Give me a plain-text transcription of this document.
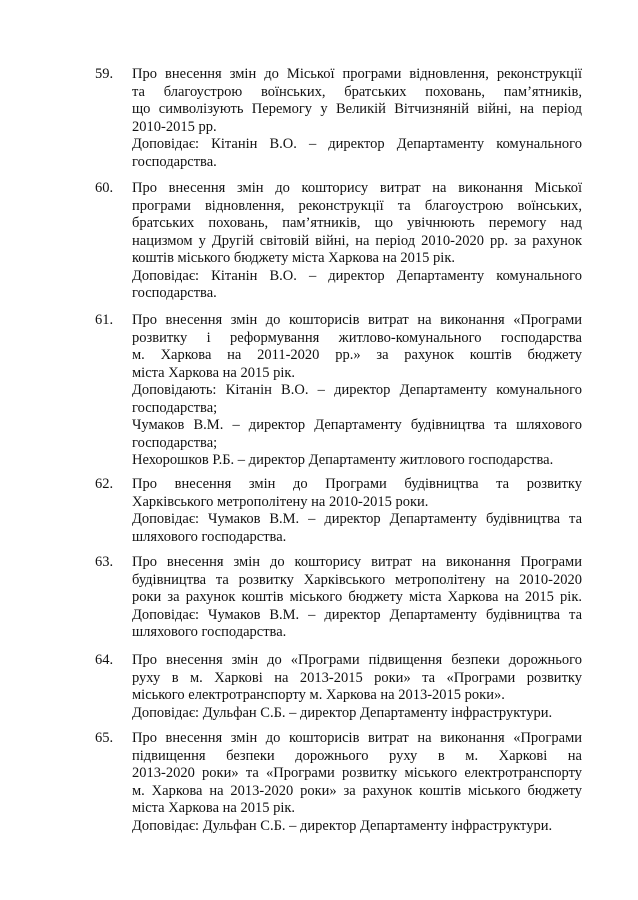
59. Про внесення змін до Міської програми відновлення, реконструкції
та благоустрою воїнських, братських поховань, пам’ятників,
що символізують Перемогу у Великій Вітчизняній війні, на період
2010-2015 рр.
Доповідає: Кітанін В.О. – директор Департаменту комунального
господарства.
60. Про внесення змін до кошторису витрат на виконання Міської
програми відновлення, реконструкції та благоустрою воїнських,
братських поховань, пам’ятників, що увічнюють перемогу над
нацизмом у Другій світовій війні, на період 2010-2020 рр. за рахунок
коштів міського бюджету міста Харкова на 2015 рік.
Доповідає: Кітанін В.О. – директор Департаменту комунального
господарства.
61. Про внесення змін до кошторисів витрат на виконання «Програми
розвитку і реформування житлово-комунального господарства
м. Харкова на 2011-2020 рр.» за рахунок коштів бюджету
міста Харкова на 2015 рік.
Доповідають: Кітанін В.О. – директор Департаменту комунального
господарства;
Чумаков В.М. – директор Департаменту будівництва та шляхового
господарства;
Нехорошков Р.Б. – директор Департаменту житлового господарства.
62. Про внесення змін до Програми будівництва та розвитку
Харківського метрополітену на 2010-2015 роки.
Доповідає: Чумаков В.М. – директор Департаменту будівництва та
шляхового господарства.
63. Про внесення змін до кошторису витрат на виконання Програми
будівництва та розвитку Харківського метрополітену на 2010-2020
роки за рахунок коштів міського бюджету міста Харкова на 2015 рік.
Доповідає: Чумаков В.М. – директор Департаменту будівництва та
шляхового господарства.
64. Про внесення змін до «Програми підвищення безпеки дорожнього
руху в м. Харкові на 2013-2015 роки» та «Програми розвитку
міського електротранспорту м. Харкова на 2013-2015 роки».
Доповідає: Дульфан С.Б. – директор Департаменту інфраструктури.
65. Про внесення змін до кошторисів витрат на виконання «Програми
підвищення безпеки дорожнього руху в м. Харкові на
2013-2020 роки» та «Програми розвитку міського електротранспорту
м. Харкова на 2013-2020 роки» за рахунок коштів міського бюджету
міста Харкова на 2015 рік.
Доповідає: Дульфан С.Б. – директор Департаменту інфраструктури.
